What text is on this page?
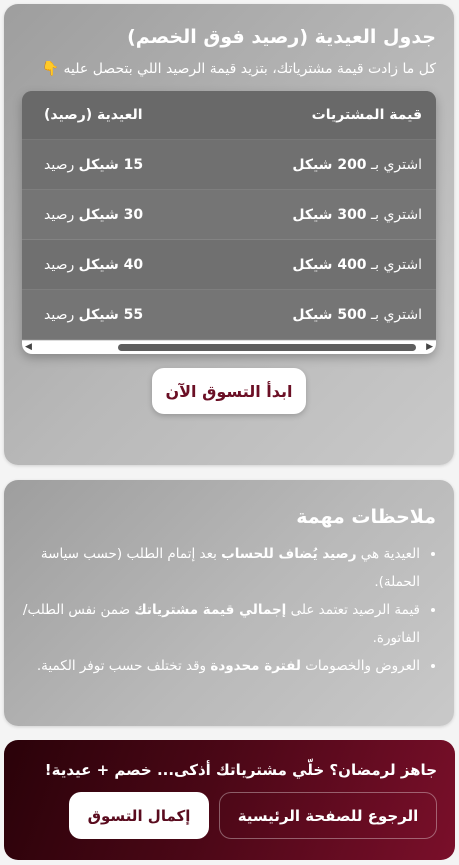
جدول العيدية (رصيد فوق الخصم)
كل ما زادت قيمة مشترياتك، بتزيد قيمة الرصيد اللي بتحصل عليه 👇
قيمة المشتريات
العيدية (رصيد)
اشتري بـ 200 شيكل
15 شيكل رصيد
اشتري بـ 300 شيكل
30 شيكل رصيد
اشتري بـ 400 شيكل
40 شيكل رصيد
اشتري بـ 500 شيكل
55 شيكل رصيد
◀	▶
ابدأ التسوق الآن
ملاحظات مهمة
• العيدية هي رصيد يُضاف للحساب بعد إتمام الطلب (حسب سياسة الحملة).
• قيمة الرصيد تعتمد على إجمالي قيمة مشترياتك ضمن نفس الطلب/الفاتورة.
• العروض والخصومات لفترة محدودة وقد تختلف حسب توفر الكمية.
جاهز لرمضان؟ خلّي مشترياتك أذكى... خصم + عيدية!
الرجوع للصفحة الرئيسية
إكمال التسوق
